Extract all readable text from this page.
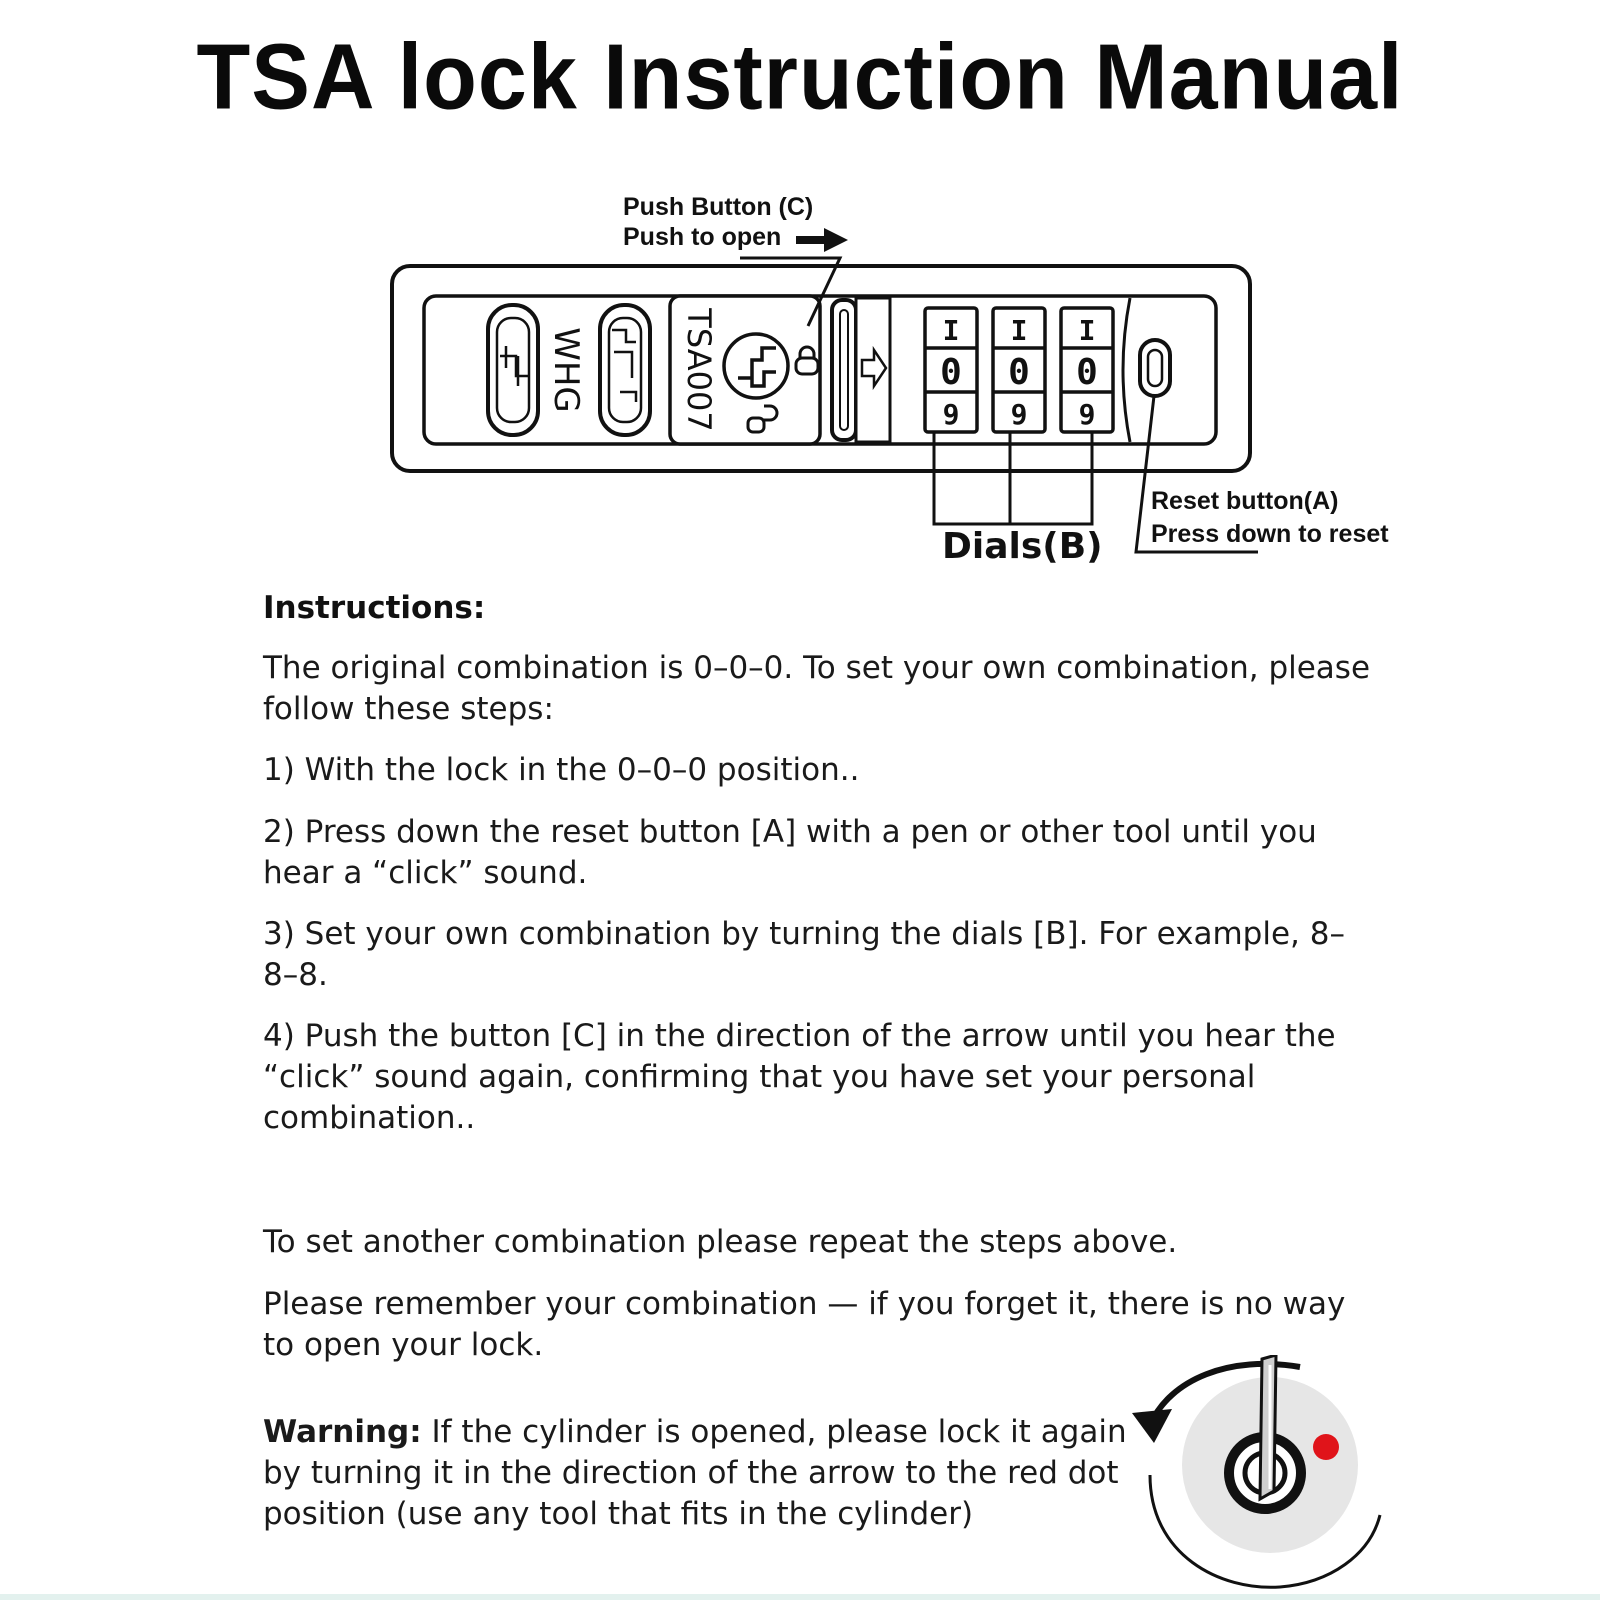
TSA lock Instruction Manual
WHG	TSA007	I
0
9
I
0
9
I
0
9
Push Button (C)
Push to open
Dials(B)
Reset button(A)
Press down to reset
Instructions:
The original combination is 0–0–0. To set your own combination, please follow these steps:
1) With the lock in the 0–0–0 position..
2) Press down the reset button [A] with a pen or other tool until you hear a “click” sound.
3) Set your own combination by turning the dials [B]. For example, 8–8–8.
4) Push the button [C] in the direction of the arrow until you hear the “click” sound again, confirming that you have set your personal combination..
To set another combination please repeat the steps above.
Please remember your combination — if you forget it, there is no way to open your lock.
Warning: If the cylinder is opened, please lock it again by turning it in the direction of the arrow to the red dot position (use any tool that fits in the cylinder)
